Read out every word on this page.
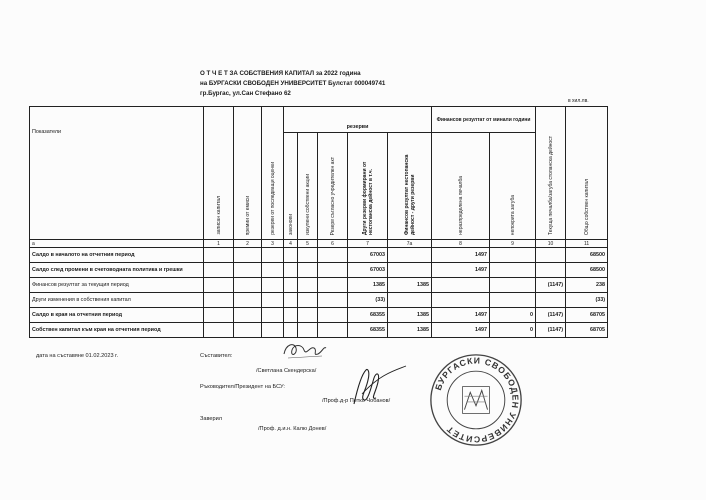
О Т Ч Е Т ЗА СОБСТВЕНИЯ КАПИТАЛ за 2022 година
на БУРГАСКИ СВОБОДЕН УНИВЕРСИТЕТ Булстат 000049741
гр.Бургас, ул.Сан Стефано 62
в хил.лв.
Показатели	записан капитал	премии от емиси	резерви от последващи оценки	резерви					Финансов резултат от минали години		Текуща печалба/загуба стопанска дейност	Общо собствен капитал

				законови	изкупени собствени акции	Резерв съгласно учредителен акт	Други резерви формирани от нестопанска дейност в т.ч.	Финансов резултат нестопанска дейност - други резерви	неразпределена печалба	непокрита загуба		
а	1	2	3	4	5	6	7	7а	8	9	10	11
Салдо в началото на отчетния период							67003		1497			68500
Салдо след промени в счетоводната политика и грешки							67003		1497			68500
Финансов резултат за текущия период							1385	1385			(1147)	238
Други изменения в собствения капитал							(33)					(33)
Салдо в края на отчетния период							68355	1385	1497	0	(1147)	68705
Собствен капитал към края на отчетния период							68355	1385	1497	0	(1147)	68705
дата на съставяне 01.02.2023 г.	Съставител:
/Светлана Скендерска/
Ръководител/Президент на БСУ:
/Проф.д-р Петко Чобанов/
Заверил
/Проф. д.и.н. Калю Донев/
БУРГАСКИ СВОБОДЕН УНИВЕРСИТЕТ
